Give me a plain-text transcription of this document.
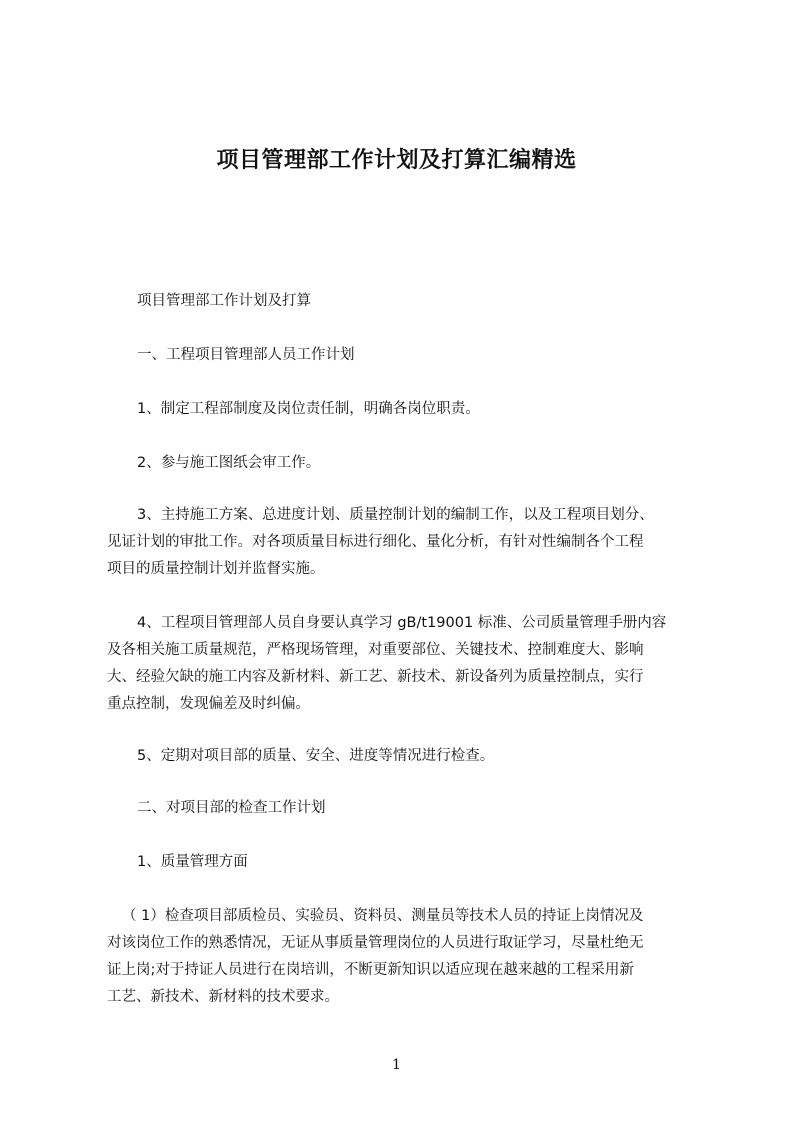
项目管理部工作计划及打算汇编精选
项目管理部工作计划及打算
一、工程项目管理部人员工作计划
1、制定工程部制度及岗位责任制，明确各岗位职责。
2、参与施工图纸会审工作。
3、主持施工方案、总进度计划、质量控制计划的编制工作，以及工程项目划分、
见证计划的审批工作。对各项质量目标进行细化、量化分析，有针对性编制各个工程
项目的质量控制计划并监督实施。
4、工程项目管理部人员自身要认真学习 gB/t19001 标准、公司质量管理手册内容
及各相关施工质量规范，严格现场管理，对重要部位、关键技术、控制难度大、影响
大、经验欠缺的施工内容及新材料、新工艺、新技术、新设备列为质量控制点，实行
重点控制，发现偏差及时纠偏。
5、定期对项目部的质量、安全、进度等情况进行检查。
二、对项目部的检查工作计划
1、质量管理方面
（ 1）检查项目部质检员、实验员、资料员、测量员等技术人员的持证上岗情况及
对该岗位工作的熟悉情况，无证从事质量管理岗位的人员进行取证学习，尽量杜绝无
证上岗;对于持证人员进行在岗培训，不断更新知识以适应现在越来越的工程采用新
工艺、新技术、新材料的技术要求。
1
